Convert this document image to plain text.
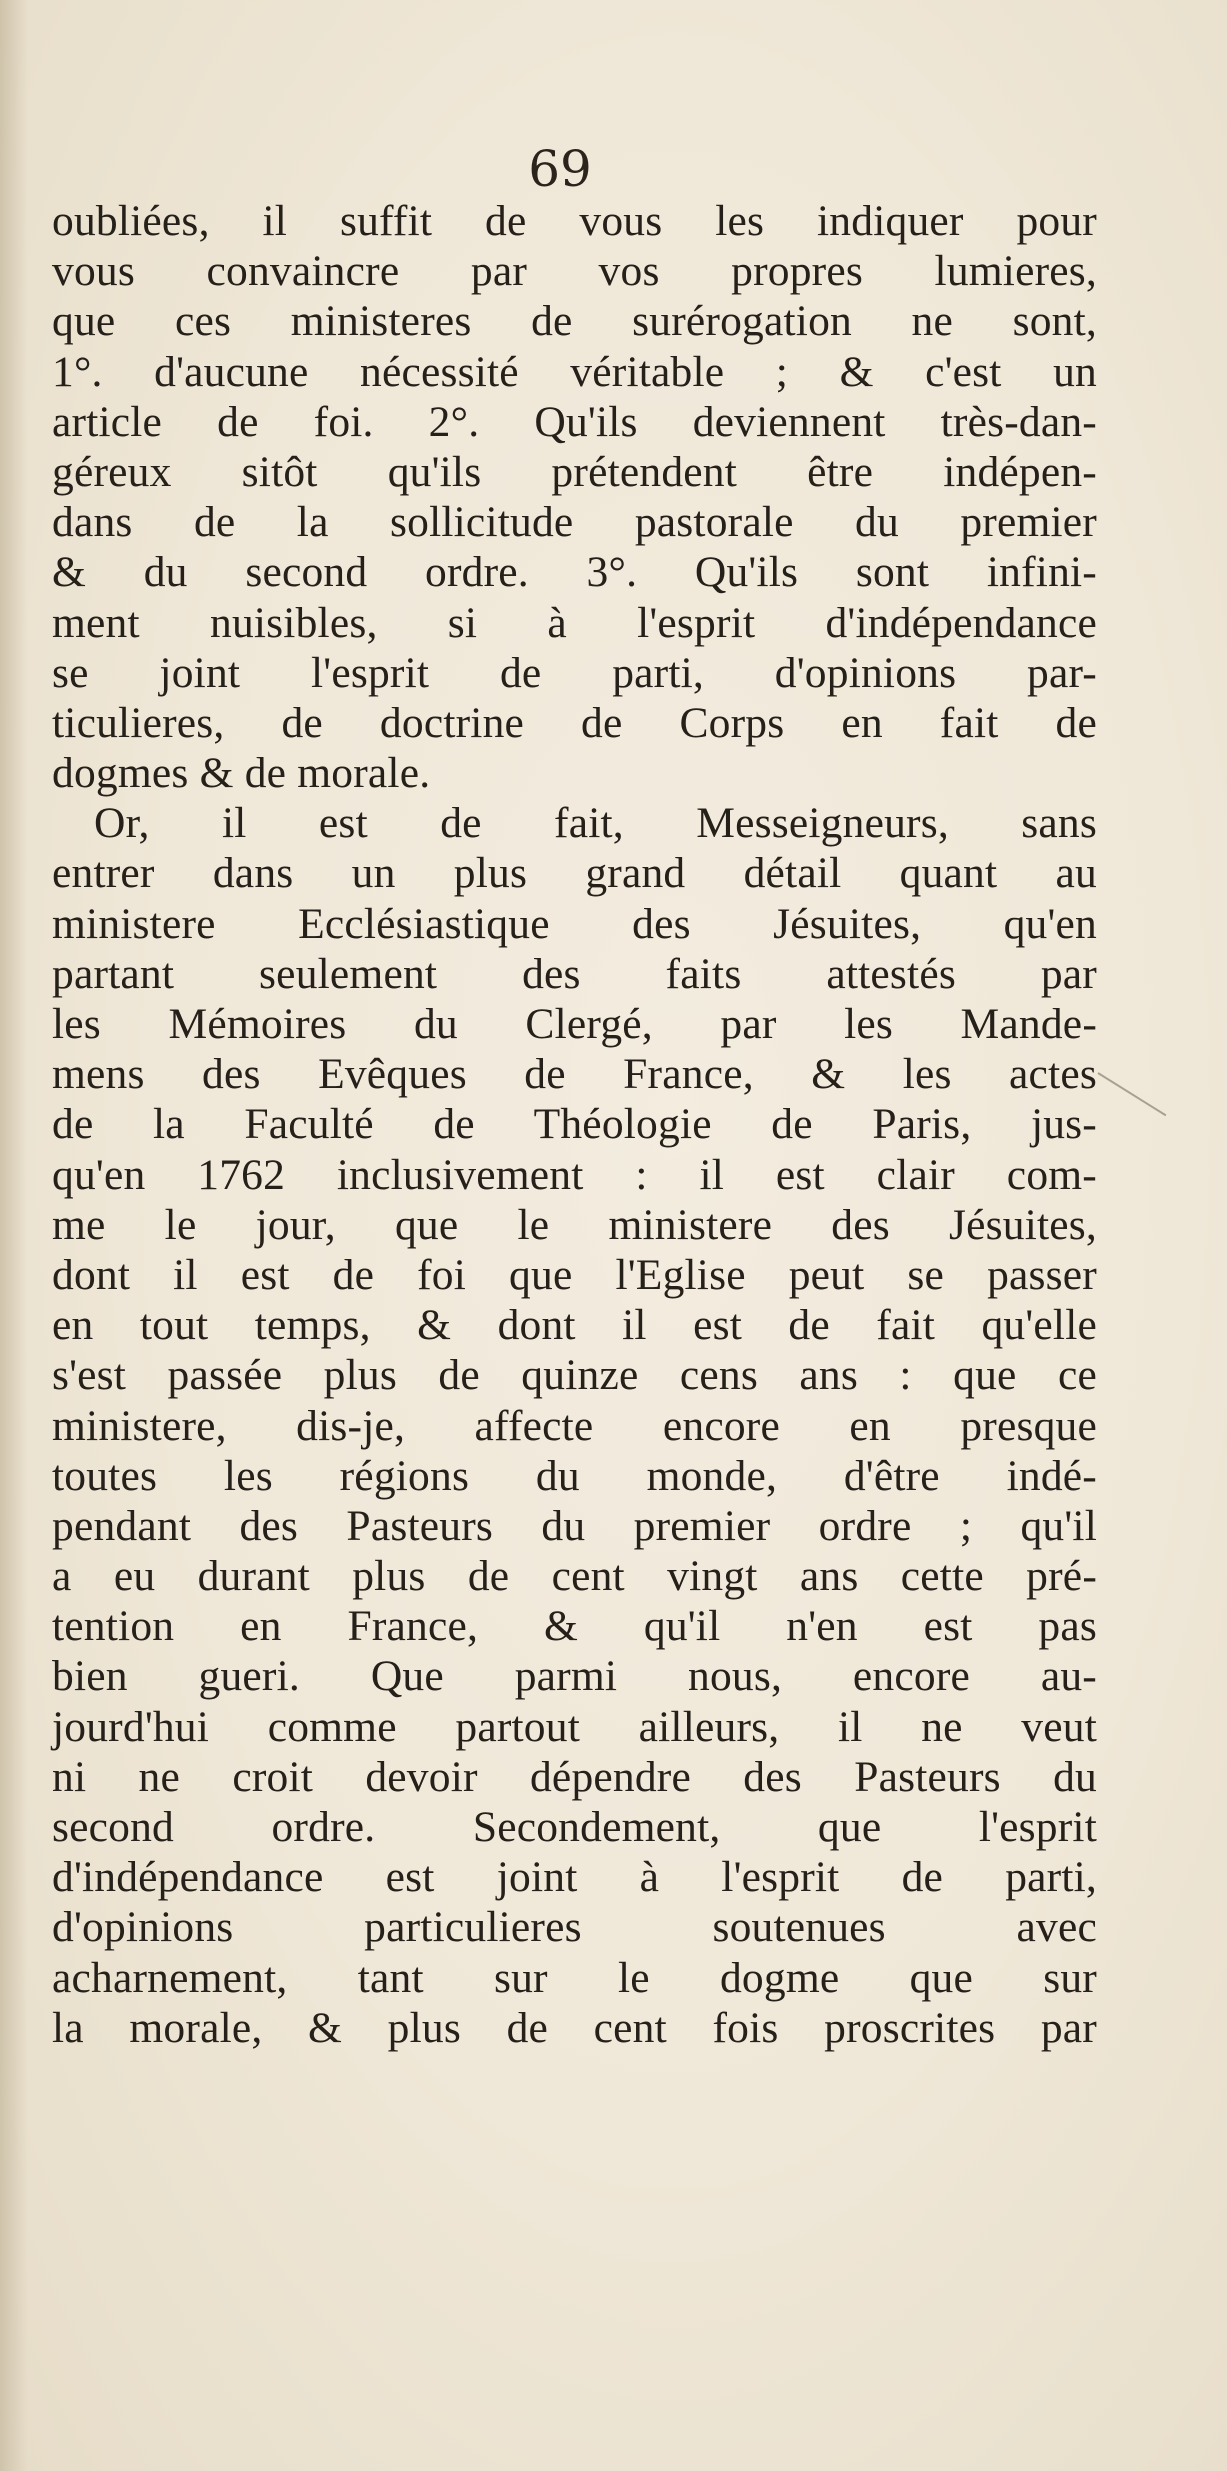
69
oubliées, il suffit de vous les indiquer pour
vous convaincre par vos propres lumieres,
que ces ministeres de surérogation ne sont,
1°. d'aucune nécessité véritable ; & c'est un
article de foi. 2°. Qu'ils deviennent très-dan-
géreux sitôt qu'ils prétendent être indépen-
dans de la sollicitude pastorale du premier
& du second ordre. 3°. Qu'ils sont infini-
ment nuisibles, si à l'esprit d'indépendance
se joint l'esprit de parti, d'opinions par-
ticulieres, de doctrine de Corps en fait de
dogmes & de morale.
Or, il est de fait, Messeigneurs, sans
entrer dans un plus grand détail quant au
ministere Ecclésiastique des Jésuites, qu'en
partant seulement des faits attestés par
les Mémoires du Clergé, par les Mande-
mens des Evêques de France, & les actes
de la Faculté de Théologie de Paris, jus-
qu'en 1762 inclusivement : il est clair com-
me le jour, que le ministere des Jésuites,
dont il est de foi que l'Eglise peut se passer
en tout temps, & dont il est de fait qu'elle
s'est passée plus de quinze cens ans : que ce
ministere, dis-je, affecte encore en presque
toutes les régions du monde, d'être indé-
pendant des Pasteurs du premier ordre ; qu'il
a eu durant plus de cent vingt ans cette pré-
tention en France, & qu'il n'en est pas
bien gueri. Que parmi nous, encore au-
jourd'hui comme partout ailleurs, il ne veut
ni ne croit devoir dépendre des Pasteurs du
second ordre. Secondement, que l'esprit
d'indépendance est joint à l'esprit de parti,
d'opinions particulieres soutenues avec
acharnement, tant sur le dogme que sur
la morale, & plus de cent fois proscrites par
